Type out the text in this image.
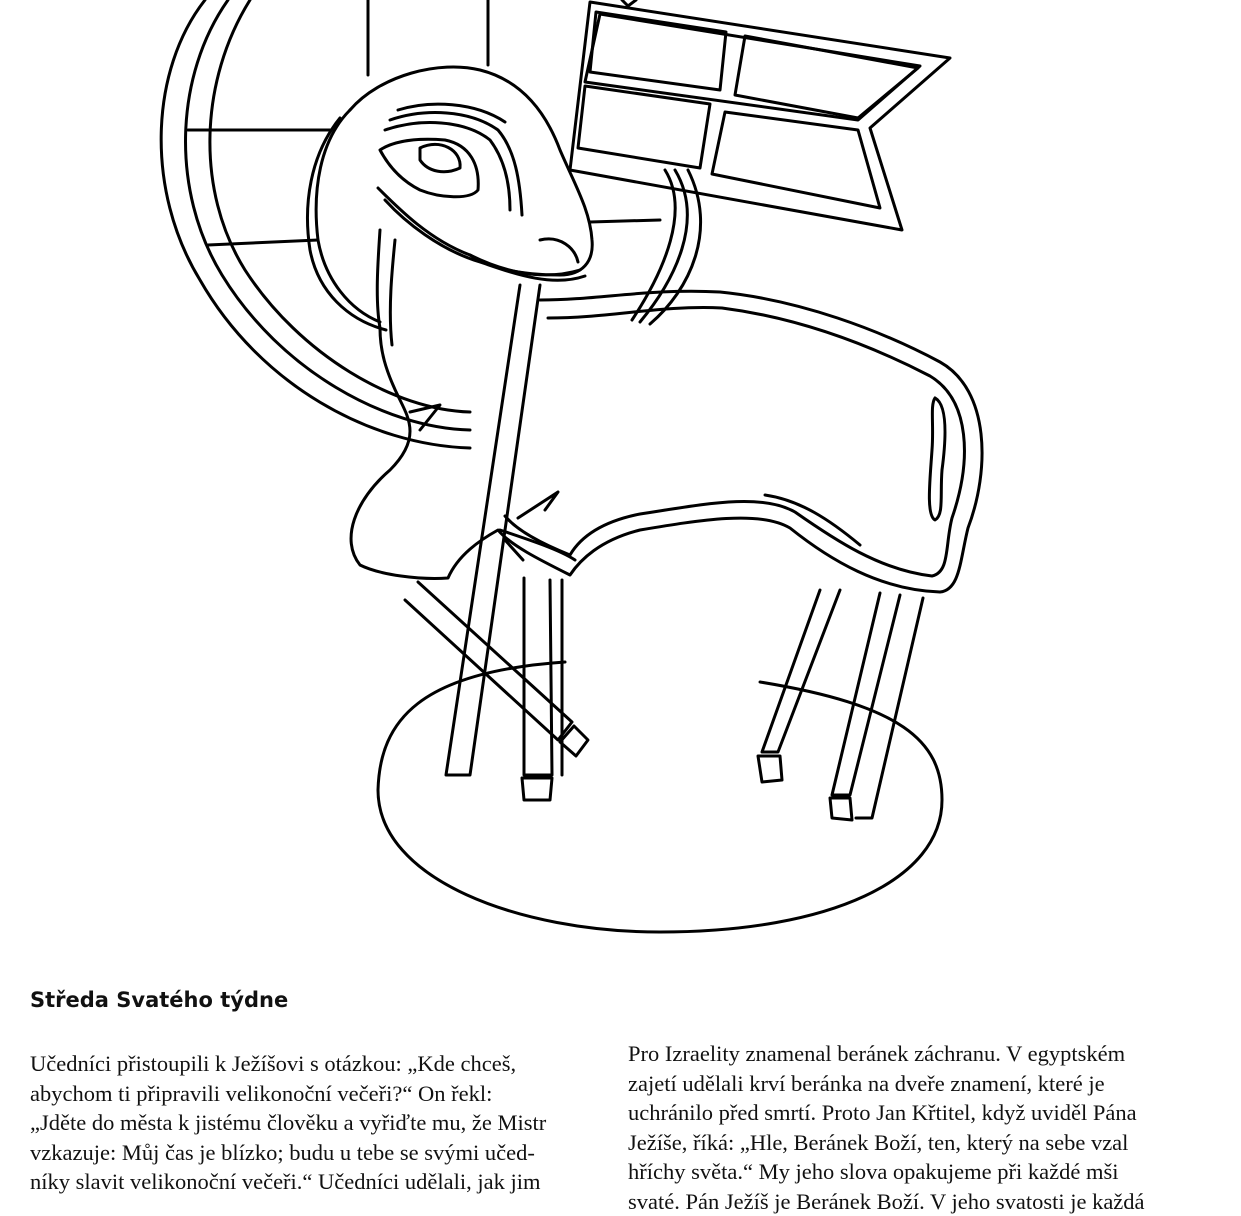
Středa Svatého týdne
Učedníci přistoupili k Ježíšovi s otázkou: „Kde chceš,
abychom ti připravili velikonoční večeři?“ On řekl:
„Jděte do města k jistému člověku a vyřiďte mu, že Mistr
vzkazuje: Můj čas je blízko; budu u tebe se svými učed-
níky slavit velikonoční večeři.“ Učedníci udělali, jak jim
Pro Izraelity znamenal beránek záchranu. V egyptském
zajetí udělali krví beránka na dveře znamení, které je
uchránilo před smrtí. Proto Jan Křtitel, když uviděl Pána
Ježíše, říká: „Hle, Beránek Boží, ten, který na sebe vzal
hříchy světa.“ My jeho slova opakujeme při každé mši
svaté. Pán Ježíš je Beránek Boží. V jeho svatosti je každá
